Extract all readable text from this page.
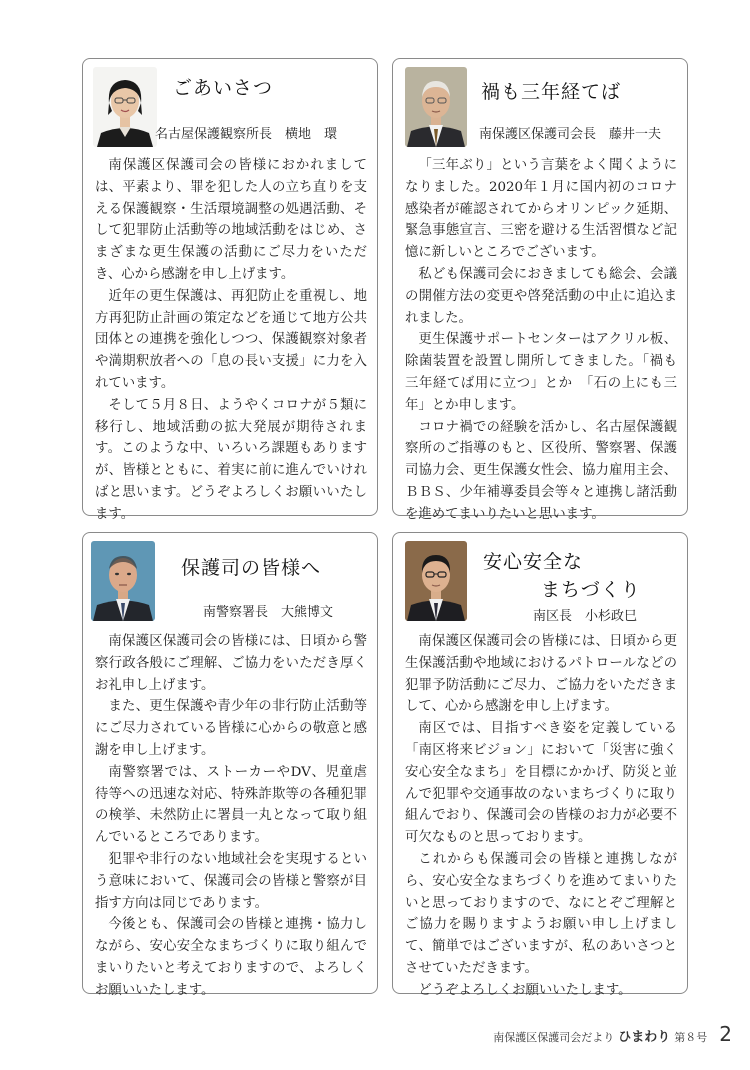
ごあいさつ
名古屋保護観察所長　横地　環

南保護区保護司会の皆様におかれましては、平素より、罪を犯した人の立ち直りを支える保護観察・生活環境調整の処遇活動、そして犯罪防止活動等の地域活動をはじめ、さまざまな更生保護の活動にご尽力をいただき、心から感謝を申し上げます。

近年の更生保護は、再犯防止を重視し、地方再犯防止計画の策定などを通じて地方公共団体との連携を強化しつつ、保護観察対象者や満期釈放者への「息の長い支援」に力を入れています。

そして５月８日、ようやくコロナが５類に移行し、地域活動の拡大発展が期待されます。このような中、いろいろ課題もありますが、皆様とともに、着実に前に進んでいければと思います。どうぞよろしくお願いいたします。

禍も三年経てば
南保護区保護司会長　藤井一夫

「三年ぶり」という言葉をよく聞くようになりました。2020年１月に国内初のコロナ感染者が確認されてからオリンピック延期、緊急事態宣言、三密を避ける生活習慣など記憶に新しいところでございます。

私ども保護司会におきましても総会、会議の開催方法の変更や啓発活動の中止に追込まれました。

更生保護サポートセンターはアクリル板、除菌装置を設置し開所してきました。「禍も三年経てば用に立つ」とか　「石の上にも三年」とか申します。

コロナ禍での経験を活かし、名古屋保護観察所のご指導のもと、区役所、警察署、保護司協力会、更生保護女性会、協力雇用主会、ＢＢＳ、少年補導委員会等々と連携し諸活動を進めてまいりたいと思います。

保護司の皆様へ
南警察署長　大熊博文

南保護区保護司会の皆様には、日頃から警察行政各般にご理解、ご協力をいただき厚くお礼申し上げます。

また、更生保護や青少年の非行防止活動等にご尽力されている皆様に心からの敬意と感謝を申し上げます。

南警察署では、ストーカーやDV、児童虐待等への迅速な対応、特殊詐欺等の各種犯罪の検挙、未然防止に署員一丸となって取り組んでいるところであります。

犯罪や非行のない地域社会を実現するという意味において、保護司会の皆様と警察が目指す方向は同じであります。

今後とも、保護司会の皆様と連携・協力しながら、安心安全なまちづくりに取り組んでまいりたいと考えておりますので、よろしくお願いいたします。

安心安全な
まちづくり
南区長　小杉政巳

南保護区保護司会の皆様には、日頃から更生保護活動や地域におけるパトロールなどの犯罪予防活動にご尽力、ご協力をいただきまして、心から感謝を申し上げます。

南区では、目指すべき姿を定義している「南区将来ビジョン」において「災害に強く安心安全なまち」を目標にかかげ、防災と並んで犯罪や交通事故のないまちづくりに取り組んでおり、保護司会の皆様のお力が必要不可欠なものと思っております。

これからも保護司会の皆様と連携しながら、安心安全なまちづくりを進めてまいりたいと思っておりますので、なにとぞご理解とご協力を賜りますようお願い申し上げまして、簡単ではございますが、私のあいさつとさせていただきます。

どうぞよろしくお願いいたします。

南保護区保護司会だより ひまわり 第８号 2
